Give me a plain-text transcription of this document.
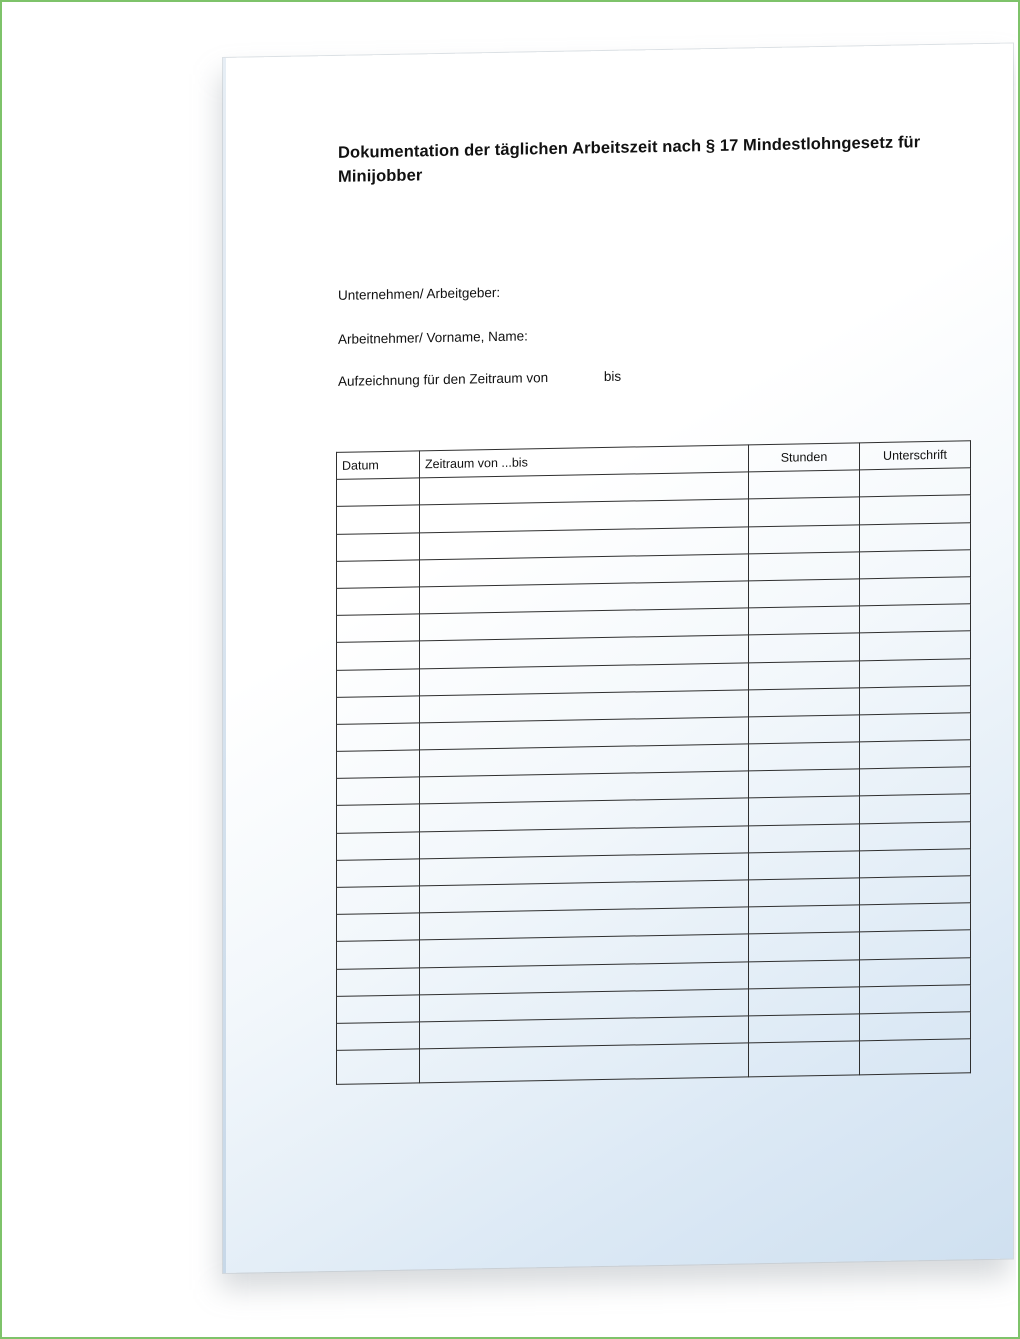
Dokumentation der täglichen Arbeitszeit nach § 17 Mindestlohngesetz für Minijobber
Unternehmen/ Arbeitgeber:
Arbeitnehmer/ Vorname, Name:
Aufzeichnung für den Zeitraum von	bis
Datum	Zeitraum von ...bis	Stunden	Unterschrift
